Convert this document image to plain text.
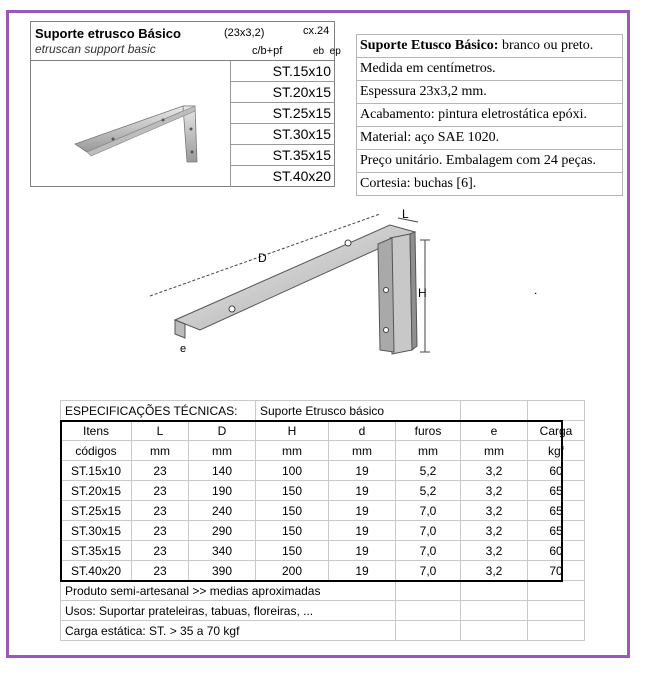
Suporte etrusco Básico
etruscan support basic
(23x3,2)	cx.24
c/b+pf	eb  ep
ST.15x10
ST.20x15
ST.25x15
ST.30x15
ST.35x15
ST.40x20
Suporte Etusco Básico: branco ou preto.
Medida em centímetros.
Espessura 23x3,2 mm.
Acabamento: pintura eletrostática epóxi.
Material: aço SAE 1020.
Preço unitário. Embalagem com 24 peças.
Cortesia: buchas [6].
L
D
H
e
.
ESPECIFICAÇÕES TÉCNICAS:			Suporte Etrusco básico				
Itens	L	D	H	d	furos	e	Carga
códigos	mm	mm	mm	mm	mm	mm	kgf
ST.15x10	23	140	100	19	5,2	3,2	60
ST.20x15	23	190	150	19	5,2	3,2	65
ST.25x15	23	240	150	19	7,0	3,2	65
ST.30x15	23	290	150	19	7,0	3,2	65
ST.35x15	23	340	150	19	7,0	3,2	60
ST.40x20	23	390	200	19	7,0	3,2	70
Produto semi-artesanal >> medias aproximadas							
Usos: Suportar prateleiras, tabuas, floreiras, ...							
Carga estática: ST. > 35 a 70 kgf							
